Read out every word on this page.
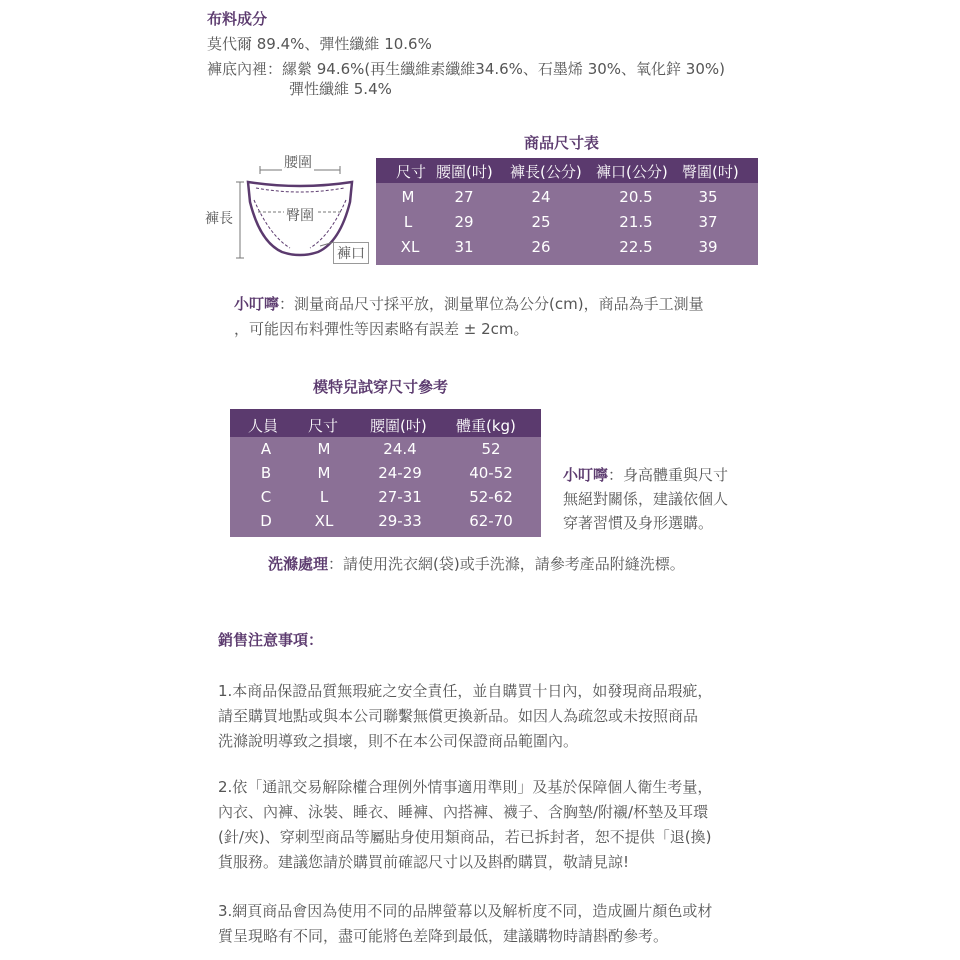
布料成分
莫代爾 89.4%、彈性纖維 10.6%
褲底內裡：縲縈 94.6%(再生纖維素纖維34.6%、石墨烯 30%、氧化鋅 30%)
彈性纖維 5.4%
商品尺寸表
腰圍
臀圍
褲長
褲口
尺寸 腰圍(吋) 褲長(公分) 褲口(公分) 臀圍(吋)
M	27	24	20.5	35
L	29	25	21.5	37
XL 31	26	22.5	39
小叮嚀：測量商品尺寸採平放，測量單位為公分(cm)，商品為手工測量
，可能因布料彈性等因素略有誤差 ± 2cm。
模特兒試穿尺寸參考
人員 尺寸 腰圍(吋) 體重(kg)
A	M	24.4	52
B	M	24-29	40-52
C	L	27-31	52-62
D	XL	29-33	62-70
小叮嚀：身高體重與尺寸
無絕對關係，建議依個人
穿著習慣及身形選購。
洗滌處理：請使用洗衣網(袋)或手洗滌，請參考產品附縫洗標。
銷售注意事項：
1.本商品保證品質無瑕疵之安全責任，並自購買十日內，如發現商品瑕疵，
請至購買地點或與本公司聯繫無償更換新品。如因人為疏忽或未按照商品
洗滌說明導致之損壞，則不在本公司保證商品範圍內。
2.依「通訊交易解除權合理例外情事適用準則」及基於保障個人衛生考量，
內衣、內褲、泳裝、睡衣、睡褲、內搭褲、襪子、含胸墊/附襯/杯墊及耳環
(針/夾)、穿刺型商品等屬貼身使用類商品，若已拆封者，恕不提供「退(換)
貨服務。建議您請於購買前確認尺寸以及斟酌購買，敬請見諒!
3.網頁商品會因為使用不同的品牌螢幕以及解析度不同，造成圖片顏色或材
質呈現略有不同，盡可能將色差降到最低，建議購物時請斟酌參考。
